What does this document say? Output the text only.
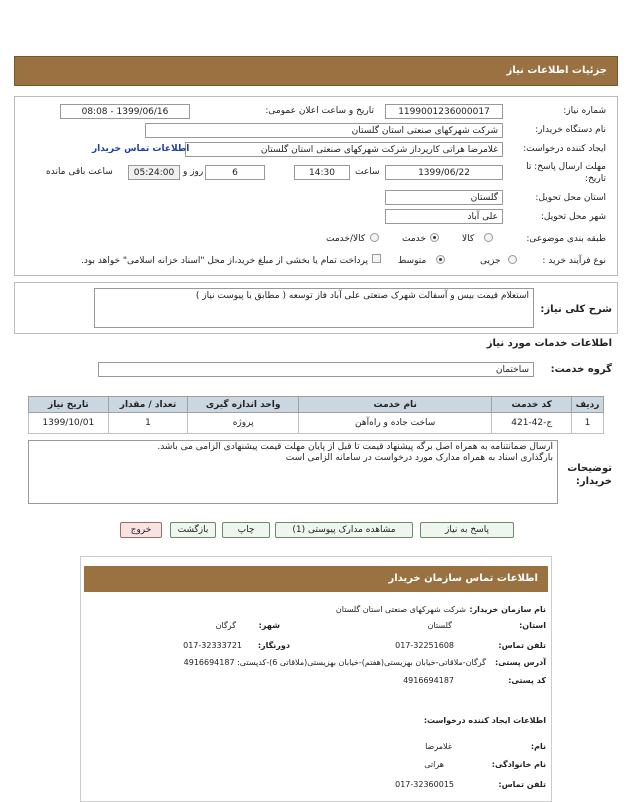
جزئیات اطلاعات نیاز
شماره نیاز:
1199001236000017
تاریخ و ساعت اعلان عمومی:
1399/06/16 - 08:08
نام دستگاه خریدار:
شرکت شهرکهای صنعتی استان گلستان
ایجاد کننده درخواست:
غلامرضا هراتی کارپرداز شرکت شهرکهای صنعتی استان گلستان
اطلاعات تماس خریدار
مهلت ارسال پاسخ: تا تاریخ:
1399/06/22
ساعت
14:30
6
روز و
05:24:00
ساعت باقی مانده
استان محل تحویل:
گلستان
شهر محل تحویل:
علی آباد
طبقه بندی موضوعی:
کالا
خدمت
کالا/خدمت
نوع فرآیند خرید :
جزیی
متوسط
پرداخت تمام یا بخشی از مبلغ خرید،از محل "اسناد خزانه اسلامی" خواهد بود.
شرح کلی نیاز:
استعلام قیمت بیس و آسفالت شهرک صنعتی علی آباد فاز توسعه ( مطابق با پیوست نیاز )
اطلاعات خدمات مورد نیاز
گروه خدمت:
ساختمان
ردیف	کد خدمت	نام خدمت	واحد اندازه گیری	تعداد / مقدار	تاریخ نیاز
1	ج-42-421	ساخت جاده و راه‌آهن	پروژه	1	1399/10/01
توضیحات خریدار:
ارسال ضمانتنامه به همراه اصل برگه پیشنهاد قیمت تا قبل از پایان مهلت قیمت پیشنهادی الزامی می باشد.
بارگذاری اسناد به همراه مدارک مورد درخواست در سامانه الزامی است
پاسخ به نیاز
مشاهده مدارک پیوستی (1)
چاپ
بازگشت
خروج
اطلاعات تماس سازمان خریدار
نام سازمان خریدار:
شرکت شهرکهای صنعتی استان گلستان
استان:
گلستان
شهر:
گرگان
تلفن تماس:
017-32251608
دورنگار:
017-32333721
آدرس پستی:
گرگان-ملاقاتی-خیابان بهزیستی(هفتم)-خیابان بهزیستی(ملاقاتی 6)-کدپستی: 4916694187
کد پستی:
4916694187
اطلاعات ایجاد کننده درخواست:
نام:
غلامرضا
نام خانوادگی:
هراتی
تلفن تماس:
017-32360015
